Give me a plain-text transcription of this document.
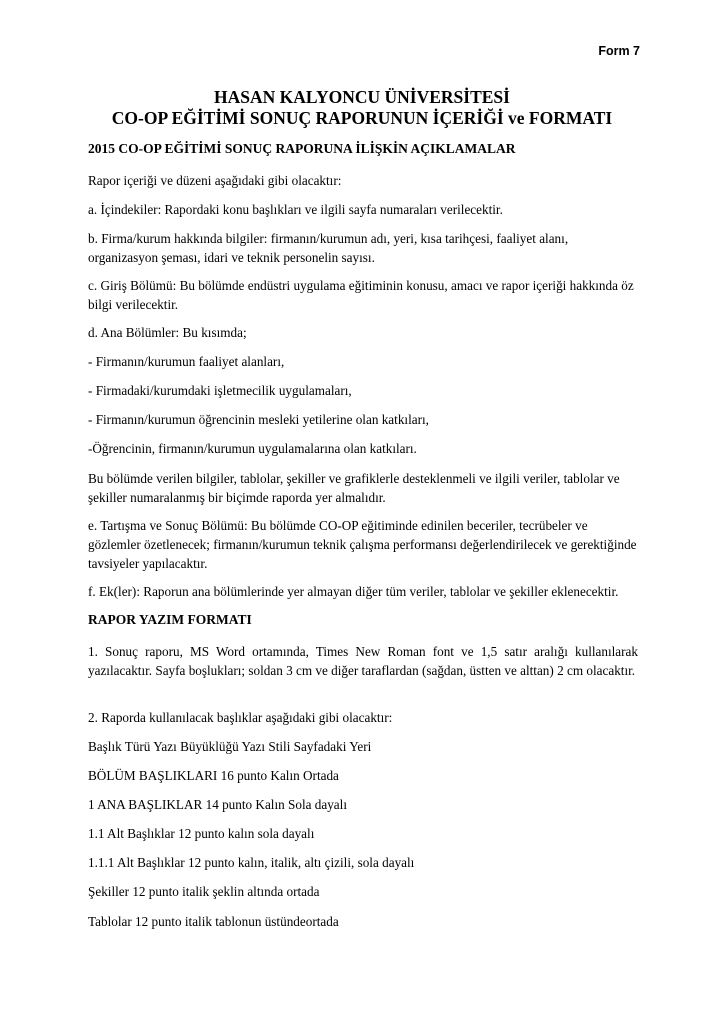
Form 7
HASAN KALYONCU ÜNİVERSİTESİ
CO-OP EĞİTİMİ SONUÇ RAPORUNUN İÇERİĞİ ve FORMATI
2015 CO-OP EĞİTİMİ SONUÇ RAPORUNA İLİŞKİN AÇIKLAMALAR
Rapor içeriği ve düzeni aşağıdaki gibi olacaktır:
a. İçindekiler: Rapordaki konu başlıkları ve ilgili sayfa numaraları verilecektir.
b. Firma/kurum hakkında bilgiler: firmanın/kurumun adı, yeri, kısa tarihçesi, faaliyet alanı, organizasyon şeması, idari ve teknik personelin sayısı.
c. Giriş Bölümü: Bu bölümde endüstri uygulama eğitiminin konusu, amacı ve rapor içeriği hakkında öz bilgi verilecektir.
d. Ana Bölümler: Bu kısımda;
- Firmanın/kurumun faaliyet alanları,
- Firmadaki/kurumdaki işletmecilik uygulamaları,
- Firmanın/kurumun öğrencinin mesleki yetilerine olan katkıları,
-Öğrencinin, firmanın/kurumun uygulamalarına olan katkıları.
Bu bölümde verilen bilgiler, tablolar, şekiller ve grafiklerle desteklenmeli ve ilgili veriler, tablolar ve şekiller numaralanmış bir biçimde raporda yer almalıdır.
e. Tartışma ve Sonuç Bölümü: Bu bölümde CO-OP eğitiminde edinilen beceriler, tecrübeler ve gözlemler özetlenecek; firmanın/kurumun teknik çalışma performansı değerlendirilecek ve gerektiğinde tavsiyeler yapılacaktır.
f. Ek(ler): Raporun ana bölümlerinde yer almayan diğer tüm veriler, tablolar ve şekiller eklenecektir.
RAPOR YAZIM FORMATI
1. Sonuç raporu, MS Word ortamında, Times New Roman font ve 1,5 satır aralığı kullanılarak yazılacaktır. Sayfa boşlukları; soldan 3 cm ve diğer taraflardan (sağdan, üstten ve alttan) 2 cm olacaktır.
2. Raporda kullanılacak başlıklar aşağıdaki gibi olacaktır:
Başlık Türü Yazı Büyüklüğü Yazı Stili Sayfadaki Yeri
BÖLÜM BAŞLIKLARI 16 punto Kalın Ortada
1 ANA BAŞLIKLAR 14 punto Kalın Sola dayalı
1.1 Alt Başlıklar 12 punto kalın sola dayalı
1.1.1 Alt Başlıklar 12 punto kalın, italik, altı çizili, sola dayalı
Şekiller 12 punto italik şeklin altında ortada
Tablolar 12 punto italik tablonun üstündeortada
